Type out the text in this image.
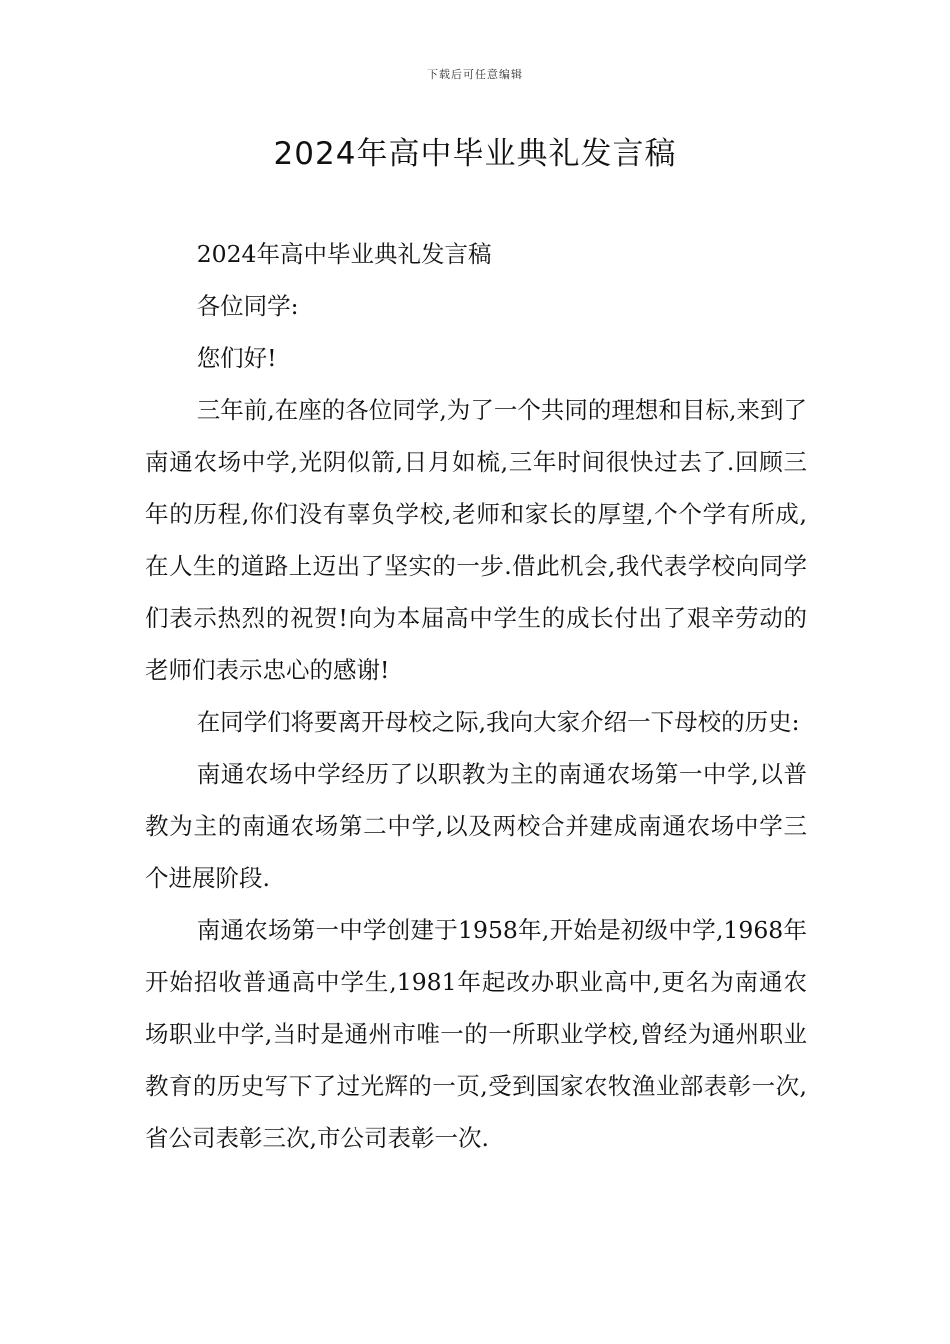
下载后可任意编辑
2024年高中毕业典礼发言稿

2024年高中毕业典礼发言稿

各位同学:

您们好!

三年前,在座的各位同学,为了一个共同的理想和目标,来到了南通农场中学,光阴似箭,日月如梳,三年时间很快过去了.回顾三年的历程,你们没有辜负学校,老师和家长的厚望,个个学有所成,在人生的道路上迈出了坚实的一步.借此机会,我代表学校向同学们表示热烈的祝贺!向为本届高中学生的成长付出了艰辛劳动的老师们表示忠心的感谢!

在同学们将要离开母校之际,我向大家介绍一下母校的历史:

南通农场中学经历了以职教为主的南通农场第一中学,以普教为主的南通农场第二中学,以及两校合并建成南通农场中学三个进展阶段.

南通农场第一中学创建于1958年,开始是初级中学,1968年开始招收普通高中学生,1981年起改办职业高中,更名为南通农场职业中学,当时是通州市唯一的一所职业学校,曾经为通州职业教育的历史写下了过光辉的一页,受到国家农牧渔业部表彰一次,省公司表彰三次,市公司表彰一次.
